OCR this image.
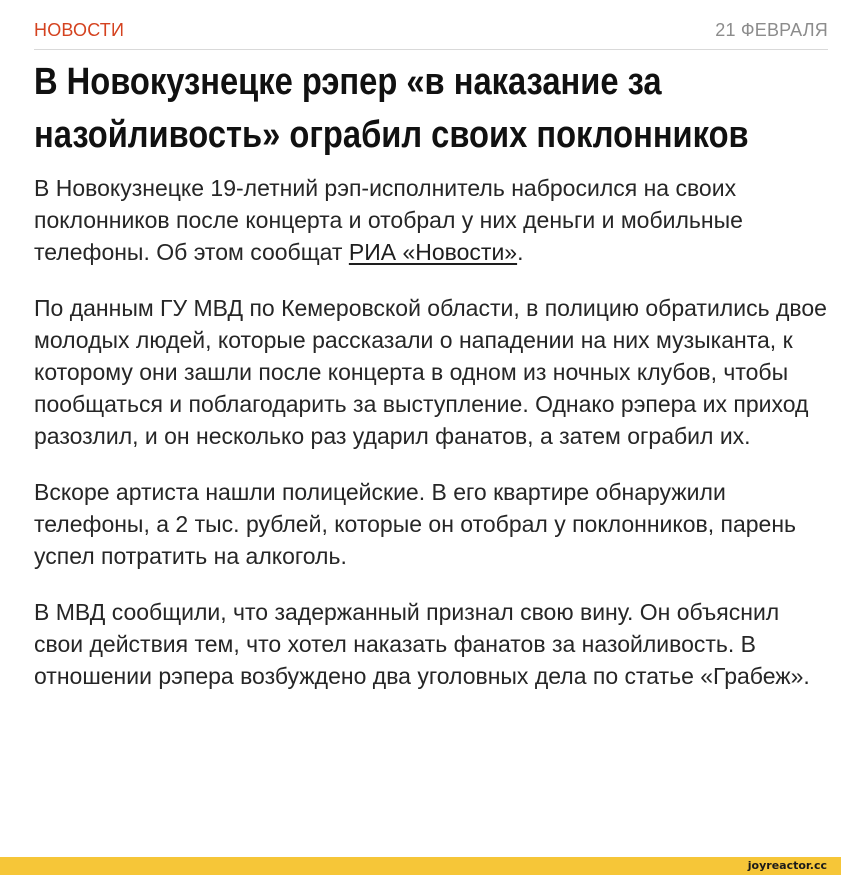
НОВОСТИ	21 ФЕВРАЛЯ
В Новокузнецке рэпер «в наказание за назойливость» ограбил своих поклонников

В Новокузнецке 19-летний рэп-исполнитель набросился на своих поклонников после концерта и отобрал у них деньги и мобильные телефоны. Об этом сообщат РИА «Новости».

По данным ГУ МВД по Кемеровской области, в полицию обратились двое молодых людей, которые рассказали о нападении на них музыканта, к которому они зашли после концерта в одном из ночных клубов, чтобы пообщаться и поблагодарить за выступление. Однако рэпера их приход разозлил, и он несколько раз ударил фанатов, а затем ограбил их.

Вскоре артиста нашли полицейские. В его квартире обнаружили телефоны, а 2 тыс. рублей, которые он отобрал у поклонников, парень успел потратить на алкоголь.

В МВД сообщили, что задержанный признал свою вину. Он объяснил свои действия тем, что хотел наказать фанатов за назойливость. В отношении рэпера возбуждено два уголовных дела по статье «Грабеж».

joyreactor.cc
